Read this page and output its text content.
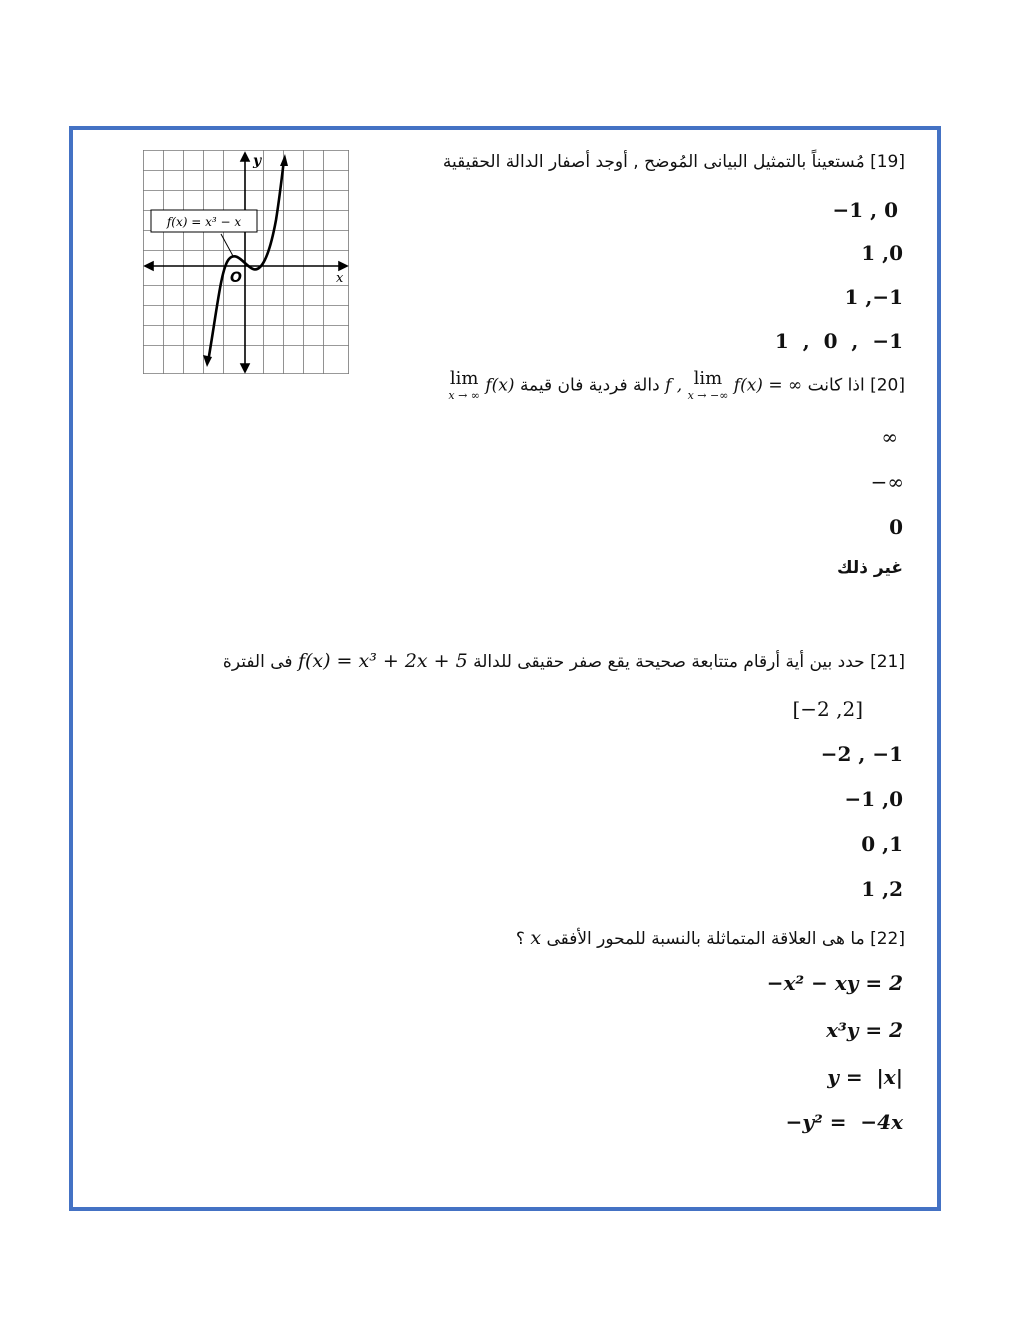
f(x) = x³ − x
y
x
O
[19] مُستعيناً بالتمثيل البيانى المُوضح , أوجد أصفار الدالة الحقيقية
−1 , 0
1 ,0
1 ,−1
1  ,  0  ,  −1
[20] اذا كانت
lim
x → −∞ f(x) = ∞ f , دالة فردية فان قيمة
lim
x → ∞ f(x)
∞
−∞
0
غير ذلك
[21] حدد بين أية أرقام متتابعة صحيحة يقع صفر حقيقى للدالة f(x) = x³ + 2x + 5 فى الفترة
[−2 ,2]
−2 , −1
−1 ,0
0 ,1
1 ,2
[22] ما هى العلاقة المتماثلة بالنسبة للمحور الأفقى x ؟
−x² − xy = 2
x³y = 2
y =  |x|
−y² =  −4x
